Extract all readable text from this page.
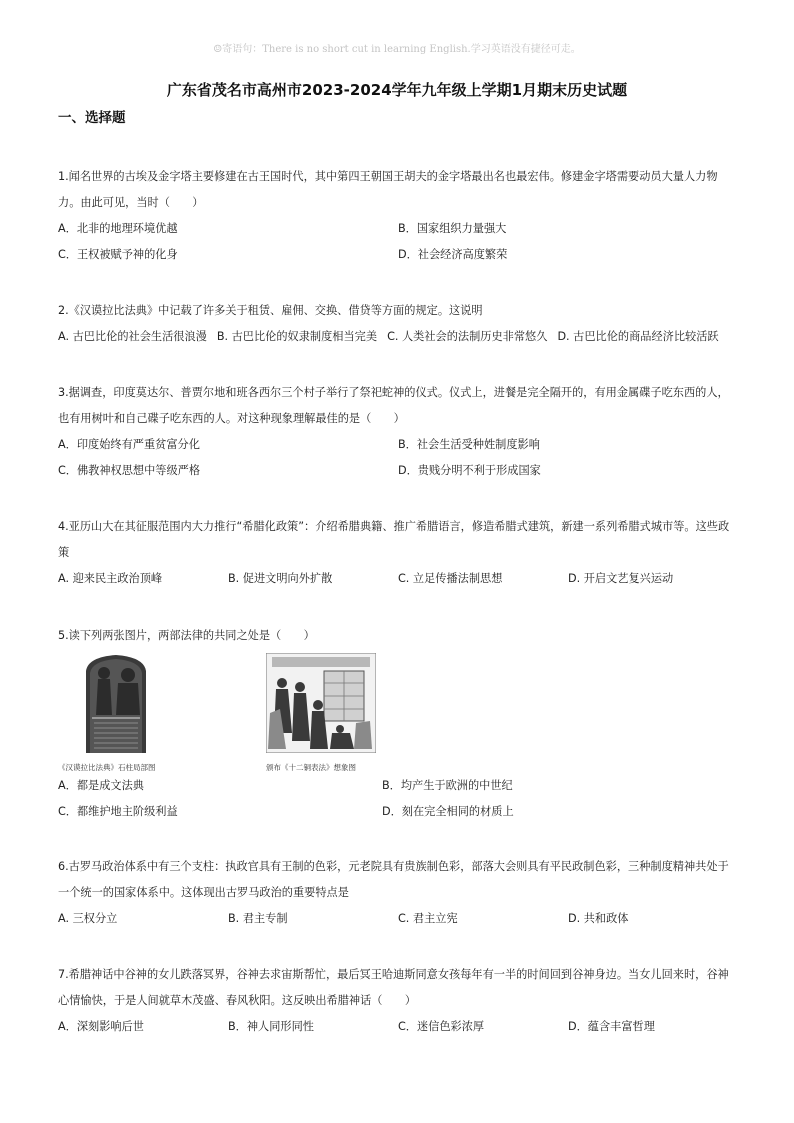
☺寄语句：There is no short cut in learning English.学习英语没有捷径可走。
广东省茂名市高州市2023-2024学年九年级上学期1月期末历史试题
一、选择题

1.闻名世界的古埃及金字塔主要修建在古王国时代，其中第四王朝国王胡夫的金字塔最出名也最宏伟。修建金字塔需要动员大量人力物力。由此可见，当时（　　）

A．北非的地理环境优越	B．国家组织力量强大
C．王权被赋予神的化身	D．社会经济高度繁荣

2.《汉谟拉比法典》中记载了许多关于租赁、雇佣、交换、借贷等方面的规定。这说明

A. 古巴比伦的社会生活很浪漫 B. 古巴比伦的奴隶制度相当完美 C. 人类社会的法制历史非常悠久 D. 古巴比伦的商品经济比较活跃

3.据调查，印度莫达尔、普贾尔地和班各西尔三个村子举行了祭祀蛇神的仪式。仪式上，进餐是完全隔开的，有用金属碟子吃东西的人，也有用树叶和自己碟子吃东西的人。对这种现象理解最佳的是（　　）

A．印度始终有严重贫富分化	B．社会生活受种姓制度影响
C．佛教神权思想中等级严格	D．贵贱分明不利于形成国家

4.亚历山大在其征服范围内大力推行“希腊化政策”：介绍希腊典籍、推广希腊语言，修造希腊式建筑，新建一系列希腊式城市等。这些政策

A. 迎来民主政治顶峰	B. 促进文明向外扩散	C. 立足传播法制思想	D. 开启文艺复兴运动

5.读下列两张图片，两部法律的共同之处是（　　）

《汉谟拉比法典》石柱局部图	颁布《十二铜表法》想象图
A．都是成文法典	B．均产生于欧洲的中世纪
C．都维护地主阶级利益	D．刻在完全相同的材质上

6.古罗马政治体系中有三个支柱：执政官具有王制的色彩，元老院具有贵族制色彩，部落大会则具有平民政制色彩，三种制度精神共处于一个统一的国家体系中。这体现出古罗马政治的重要特点是

A. 三权分立	B. 君主专制	C. 君主立宪	D. 共和政体

7.希腊神话中谷神的女儿跌落冥界，谷神去求宙斯帮忙，最后冥王哈迪斯同意女孩每年有一半的时间回到谷神身边。当女儿回来时，谷神心情愉快，于是人间就草木茂盛、春风秋阳。这反映出希腊神话（　　）

A．深刻影响后世	B．神人同形同性	C．迷信色彩浓厚	D．蕴含丰富哲理
